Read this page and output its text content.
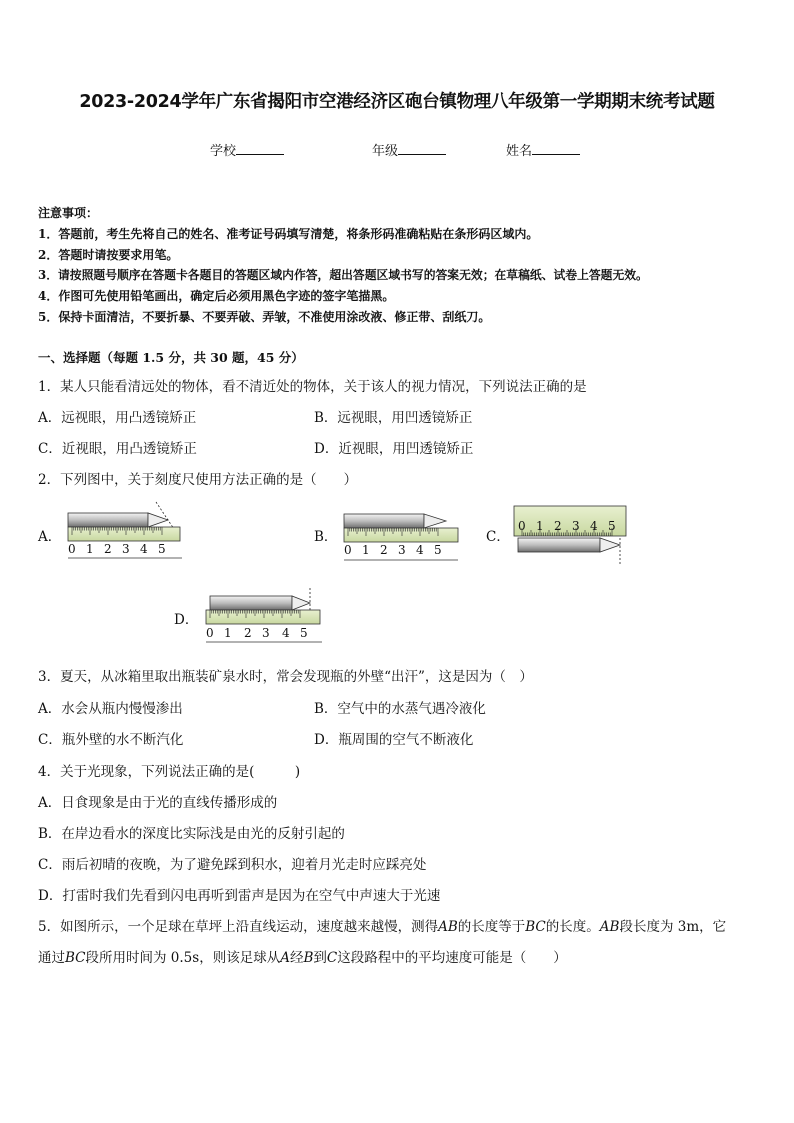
2023-2024学年广东省揭阳市空港经济区砲台镇物理八年级第一学期期末统考试题
学校	年级	姓名
注意事项：
1．答题前，考生先将自己的姓名、准考证号码填写清楚，将条形码准确粘贴在条形码区域内。
2．答题时请按要求用笔。
3．请按照题号顺序在答题卡各题目的答题区域内作答，超出答题区域书写的答案无效；在草稿纸、试卷上答题无效。
4．作图可先使用铅笔画出，确定后必须用黑色字迹的签字笔描黑。
5．保持卡面清洁，不要折暴、不要弄破、弄皱，不准使用涂改液、修正带、刮纸刀。
一、选择题（每题 1.5 分，共 30 题，45 分）
1．某人只能看清远处的物体，看不清近处的物体，关于该人的视力情况，下列说法正确的是
A．远视眼，用凸透镜矫正	B．远视眼，用凹透镜矫正
C．近视眼，用凸透镜矫正	D．近视眼，用凹透镜矫正
2．下列图中，关于刻度尺使用方法正确的是（　　）
A．
0 1 2 3 4 5
B．
0 1 2 3 4 5
C．
0 1 2 3 4 5
D．
0 1 2 3 4 5
3．夏天，从冰箱里取出瓶装矿泉水时，常会发现瓶的外壁“出汗”，这是因为（　）
A．水会从瓶内慢慢渗出	B．空气中的水蒸气遇冷液化
C．瓶外壁的水不断汽化	D．瓶周围的空气不断液化
4．关于光现象，下列说法正确的是(　　　)
A．日食现象是由于光的直线传播形成的
B．在岸边看水的深度比实际浅是由光的反射引起的
C．雨后初晴的夜晚，为了避免踩到积水，迎着月光走时应踩亮处
D．打雷时我们先看到闪电再听到雷声是因为在空气中声速大于光速
5．如图所示，一个足球在草坪上沿直线运动，速度越来越慢，测得AB的长度等于BC的长度。AB段长度为 3m，它
通过BC段所用时间为 0.5s，则该足球从A经B到C这段路程中的平均速度可能是（　　）
